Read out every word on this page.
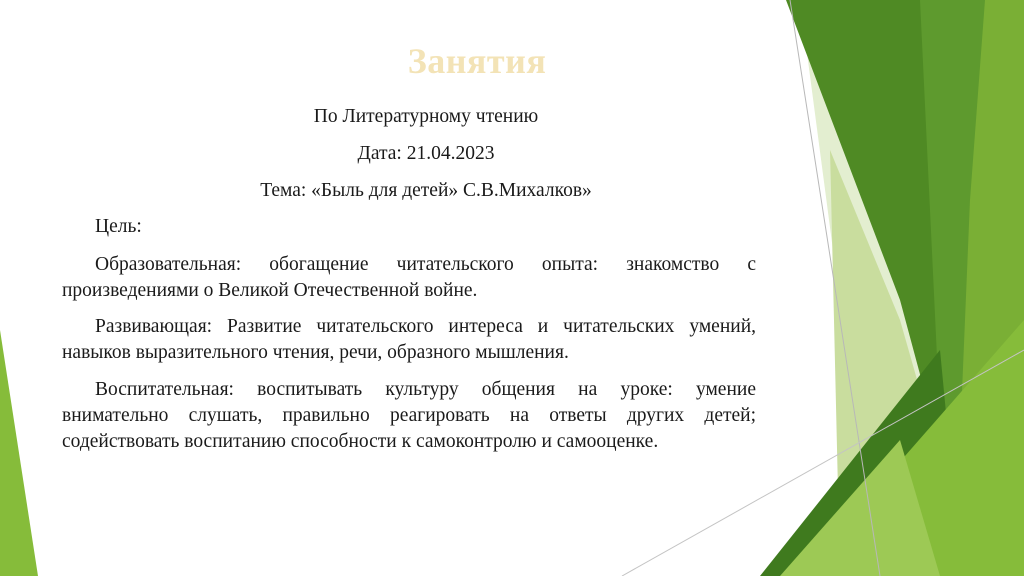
Занятия
По Литературному чтению
Дата: 21.04.2023
Тема: «Быль для детей» С.В.Михалков»
Цель:
Образовательная: обогащение читательского опыта: знакомство с произведениями о Великой Отечественной войне.
Развивающая: Развитие читательского интереса и читательских умений, навыков выразительного чтения, речи, образного мышления.
Воспитательная: воспитывать культуру общения на уроке: умение внимательно слушать, правильно реагировать на ответы других детей; содействовать воспитанию способности к самоконтролю и самооценке.
